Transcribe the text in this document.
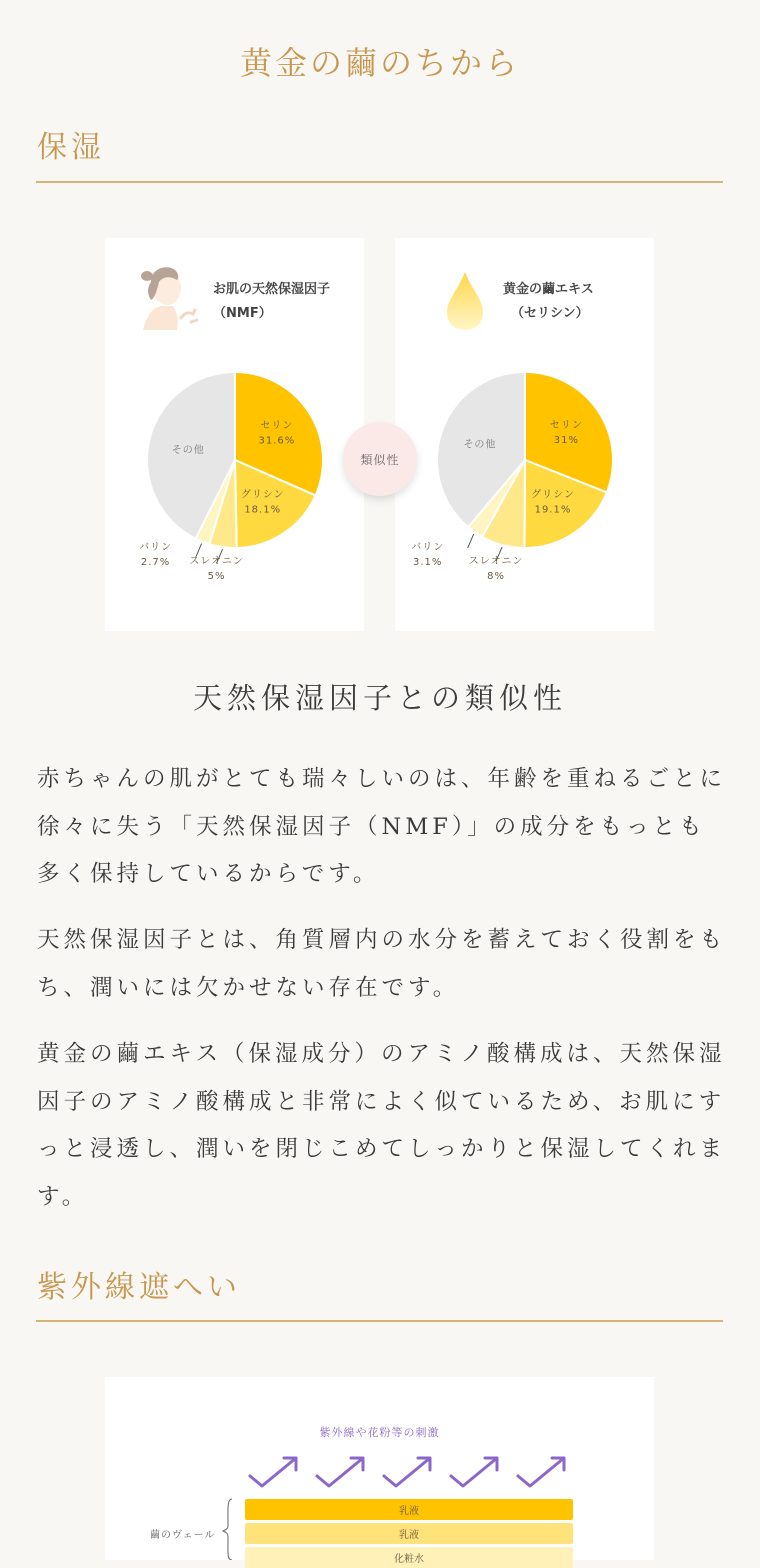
黄金の繭のちから
保湿
お肌の天然保湿因子
（NMF）
セリン
31.6%
グリシン
18.1%
その他
スレオニン
5%
バリン
2.7%
黄金の繭エキス
（セリシン）
セリン
31%
グリシン
19.1%
その他
スレオニン
8%
バリン
3.1%
類似性
天然保湿因子との類似性

赤ちゃんの肌がとても瑞々しいのは、年齢を重ねるごとに徐々に失う「天然保湿因子（NMF）」の成分をもっとも多く保持しているからです。

天然保湿因子とは、角質層内の水分を蓄えておく役割をもち、潤いには欠かせない存在です。

黄金の繭エキス（保湿成分）のアミノ酸構成は、天然保湿因子のアミノ酸構成と非常によく似ているため、お肌にすっと浸透し、潤いを閉じこめてしっかりと保湿してくれます。

紫外線遮へい
紫外線や花粉等の刺激
繭のヴェール
乳液
乳液
化粧水
